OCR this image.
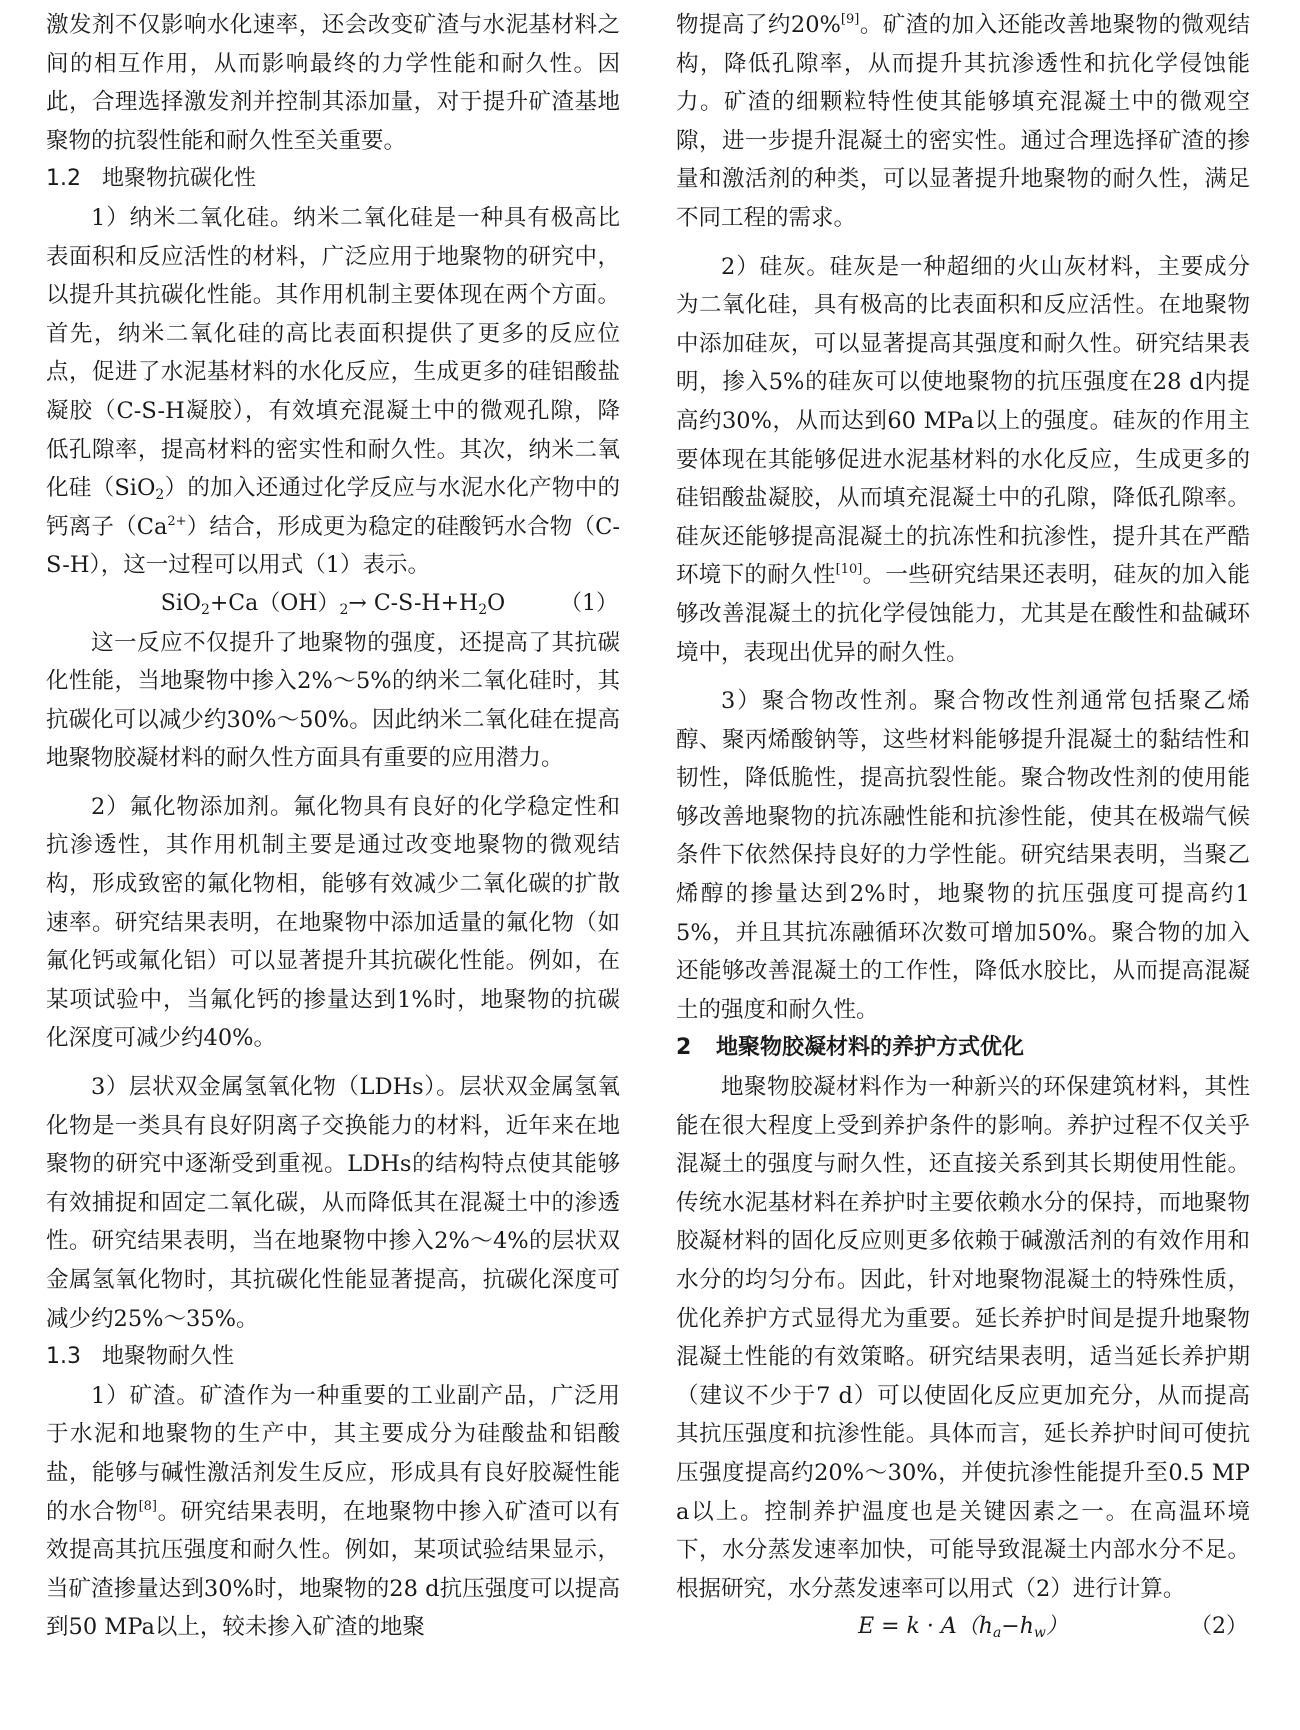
激发剂不仅影响水化速率，还会改变矿渣与水泥基材料之间的相互作用，从而影响最终的力学性能和耐久性。因此，合理选择激发剂并控制其添加量，对于提升矿渣基地聚物的抗裂性能和耐久性至关重要。

1.2 地聚物抗碳化性

1）纳米二氧化硅。纳米二氧化硅是一种具有极高比表面积和反应活性的材料，广泛应用于地聚物的研究中，以提升其抗碳化性能。其作用机制主要体现在两个方面。首先，纳米二氧化硅的高比表面积提供了更多的反应位点，促进了水泥基材料的水化反应，生成更多的硅铝酸盐凝胶（C-S-H凝胶），有效填充混凝土中的微观孔隙，降低孔隙率，提高材料的密实性和耐久性。其次，纳米二氧化硅（SiO$_2$）的加入还通过化学反应与水泥水化产物中的钙离子$(Ca^{2+})$结合，形成更为稳定的硅酸钙水合物（C-S-H），这一过程可以用式（1）表示。

$SiO_2+Ca(OH)_2\to C-S-H+H_2O$	（1）

这一反应不仅提升了地聚物的强度，还提高了其抗碳化性能，当地聚物中掺入2%～5%的纳米二氧化硅时，其抗碳化可以减少约30%～50%。因此纳米二氧化硅在提高地聚物胶凝材料的耐久性方面具有重要的应用潜力。

2）氟化物添加剂。氟化物具有良好的化学稳定性和抗渗透性，其作用机制主要是通过改变地聚物的微观结构，形成致密的氟化物相，能够有效减少二氧化碳的扩散速率。研究结果表明，在地聚物中添加适量的氟化物（如氟化钙或氟化铝）可以显著提升其抗碳化性能。例如，在某项试验中，当氟化钙的掺量达到1%时，地聚物的抗碳化深度可减少约40%。

3）层状双金属氢氧化物（LDHs）。层状双金属氢氧化物是一类具有良好阴离子交换能力的材料，近年来在地聚物的研究中逐渐受到重视。LDHs的结构特点使其能够有效捕捉和固定二氧化碳，从而降低其在混凝土中的渗透性。研究结果表明，当在地聚物中掺入2%～4%的层状双金属氢氧化物时，其抗碳化性能显著提高，抗碳化深度可减少约25%～35%。

1.3 地聚物耐久性

1）矿渣。矿渣作为一种重要的工业副产品，广泛用于水泥和地聚物的生产中，其主要成分为硅酸盐和铝酸盐，能够与碱性激活剂发生反应，形成具有良好胶凝性能的水合物[8]。研究结果表明，在地聚物中掺入矿渣可以有效提高其抗压强度和耐久性。例如，某项试验结果显示，当矿渣掺量达到30%时，地聚物的28 d抗压强度可以提高到50 MPa以上，较未掺入矿渣的地聚

物提高了约20%[9]。矿渣的加入还能改善地聚物的微观结构，降低孔隙率，从而提升其抗渗透性和抗化学侵蚀能力。矿渣的细颗粒特性使其能够填充混凝土中的微观空隙，进一步提升混凝土的密实性。通过合理选择矿渣的掺量和激活剂的种类，可以显著提升地聚物的耐久性，满足不同工程的需求。

2）硅灰。硅灰是一种超细的火山灰材料，主要成分为二氧化硅，具有极高的比表面积和反应活性。在地聚物中添加硅灰，可以显著提高其强度和耐久性。研究结果表明，掺入5%的硅灰可以使地聚物的抗压强度在28 d内提高约30%，从而达到60 MPa以上的强度。硅灰的作用主要体现在其能够促进水泥基材料的水化反应，生成更多的硅铝酸盐凝胶，从而填充混凝土中的孔隙，降低孔隙率。硅灰还能够提高混凝土的抗冻性和抗渗性，提升其在严酷环境下的耐久性[10]。一些研究结果还表明，硅灰的加入能够改善混凝土的抗化学侵蚀能力，尤其是在酸性和盐碱环境中，表现出优异的耐久性。

3）聚合物改性剂。聚合物改性剂通常包括聚乙烯醇、聚丙烯酸钠等，这些材料能够提升混凝土的黏结性和韧性，降低脆性，提高抗裂性能。聚合物改性剂的使用能够改善地聚物的抗冻融性能和抗渗性能，使其在极端气候条件下依然保持良好的力学性能。研究结果表明，当聚乙烯醇的掺量达到2%时，地聚物的抗压强度可提高约15%，并且其抗冻融循环次数可增加50%。聚合物的加入还能够改善混凝土的工作性，降低水胶比，从而提高混凝土的强度和耐久性。

2 地聚物胶凝材料的养护方式优化

地聚物胶凝材料作为一种新兴的环保建筑材料，其性能在很大程度上受到养护条件的影响。养护过程不仅关乎混凝土的强度与耐久性，还直接关系到其长期使用性能。传统水泥基材料在养护时主要依赖水分的保持，而地聚物胶凝材料的固化反应则更多依赖于碱激活剂的有效作用和水分的均匀分布。因此，针对地聚物混凝土的特殊性质，优化养护方式显得尤为重要。延长养护时间是提升地聚物混凝土性能的有效策略。研究结果表明，适当延长养护期（建议不少于7 d）可以使固化反应更加充分，从而提高其抗压强度和抗渗性能。具体而言，延长养护时间可使抗压强度提高约20%～30%，并使抗渗性能提升至0.5 MPa以上。控制养护温度也是关键因素之一。在高温环境下，水分蒸发速率加快，可能导致混凝土内部水分不足。根据研究，水分蒸发速率可以用式（2）进行计算。

$E = k \cdot A(h_a-h_w)$	（2）
